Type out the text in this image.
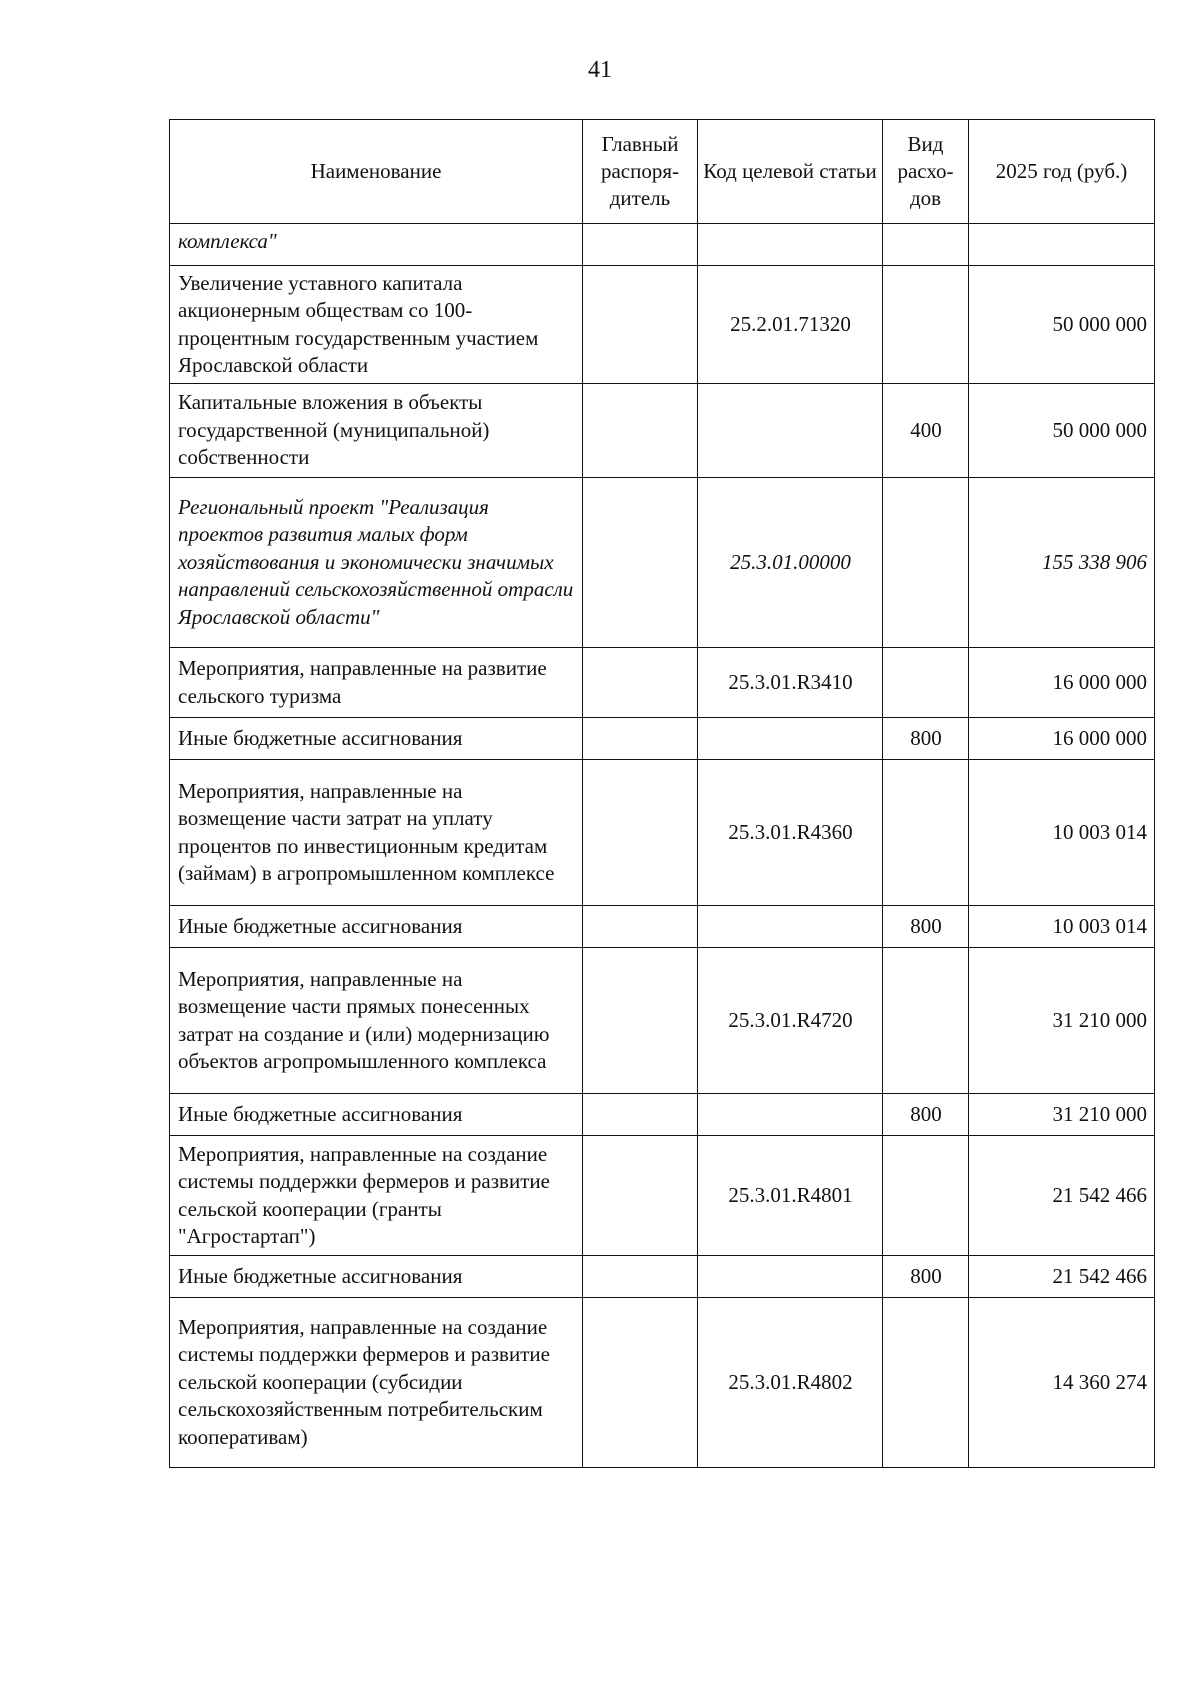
41
Наименование	Главный распоря-дитель	Код целевой статьи	Вид расхо-дов	2025 год (руб.)
комплекса"				
Увеличение уставного капитала акционерным обществам со 100-процентным государственным участием Ярославской области		25.2.01.71320		50 000 000
Капитальные вложения в объекты государственной (муниципальной) собственности			400	50 000 000
Региональный проект "Реализация проектов развития малых форм хозяйствования и экономически значимых направлений сельскохозяйственной отрасли Ярославской области"		25.3.01.00000		155 338 906
Мероприятия, направленные на развитие сельского туризма		25.3.01.R3410		16 000 000
Иные бюджетные ассигнования			800	16 000 000
Мероприятия, направленные на возмещение части затрат на уплату процентов по инвестиционным кредитам (займам) в агропромышленном комплексе		25.3.01.R4360		10 003 014
Иные бюджетные ассигнования			800	10 003 014
Мероприятия, направленные на возмещение части прямых понесенных затрат на создание и (или) модернизацию объектов агропромышленного комплекса		25.3.01.R4720		31 210 000
Иные бюджетные ассигнования			800	31 210 000
Мероприятия, направленные на создание системы поддержки фермеров и развитие сельской кооперации (гранты "Агростартап")		25.3.01.R4801		21 542 466
Иные бюджетные ассигнования			800	21 542 466
Мероприятия, направленные на создание системы поддержки фермеров и развитие сельской кооперации (субсидии сельскохозяйственным потребительским кооперативам)		25.3.01.R4802		14 360 274
